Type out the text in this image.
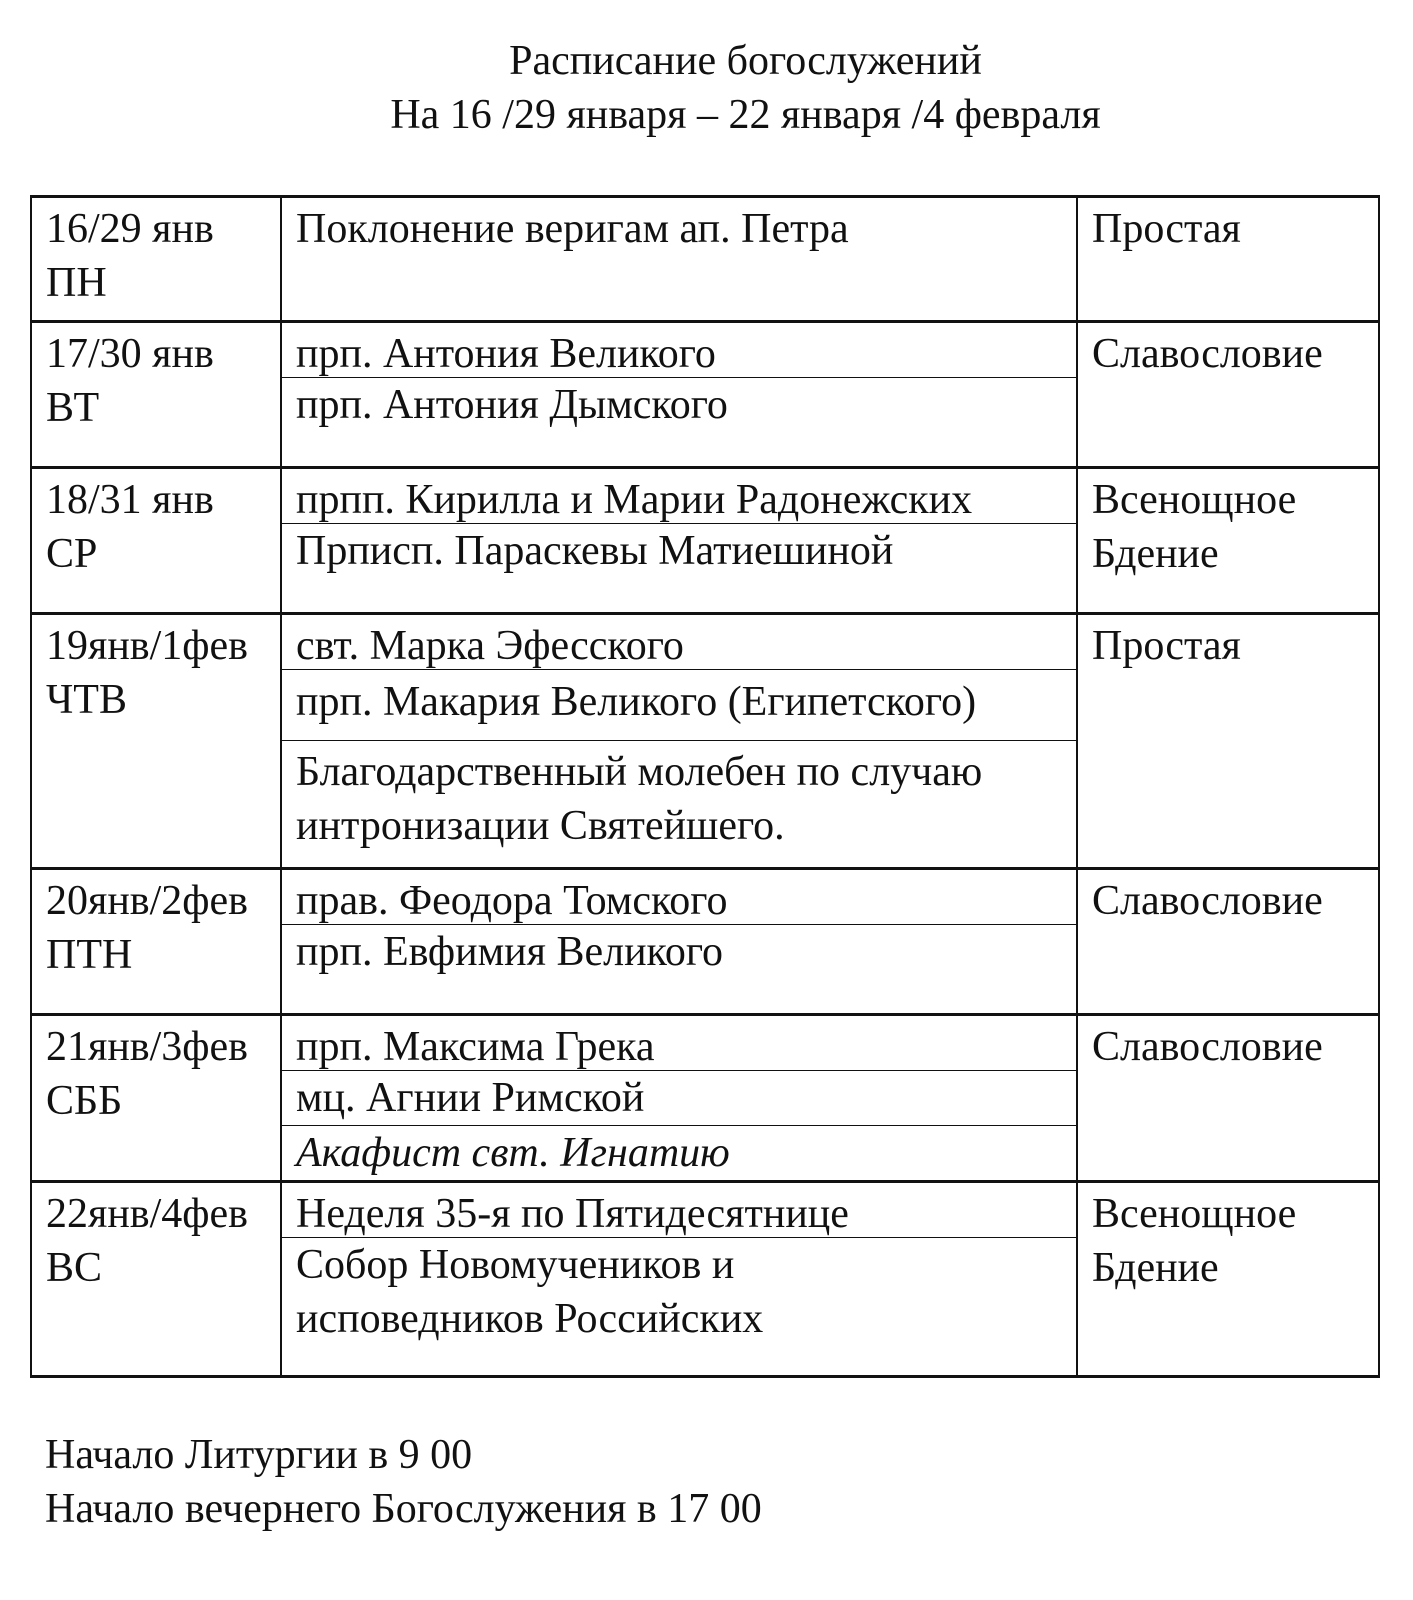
Расписание богослужений
На 16 /29 января – 22 января /4 февраля
16/29 янв
ПН
Поклонение веригам ап. Петра	Простая
17/30 янв
ВТ
прп. Антония Великого
прп. Антония Дымского
Славословие
18/31 янв
СР
прпп. Кирилла и Марии Радонежских
Прписп. Параскевы Матиешиной
Всенощное
Бдение
19янв/1фев
ЧТВ
свт. Марка Эфесского
прп. Макария Великого (Египетского)
Благодарственный молебен по случаю
интронизации Святейшего.
Простая
20янв/2фев
ПТН
прав. Феодора Томского
прп. Евфимия Великого
Славословие
21янв/3фев
СББ
прп. Максима Грека
мц. Агнии Римской
Акафист свт. Игнатию
Славословие
22янв/4фев
ВС
Неделя 35-я по Пятидесятнице
Собор Новомучеников и
исповедников Российских
Всенощное
Бдение
Начало Литургии в 9 00
Начало вечернего Богослужения в 17 00
